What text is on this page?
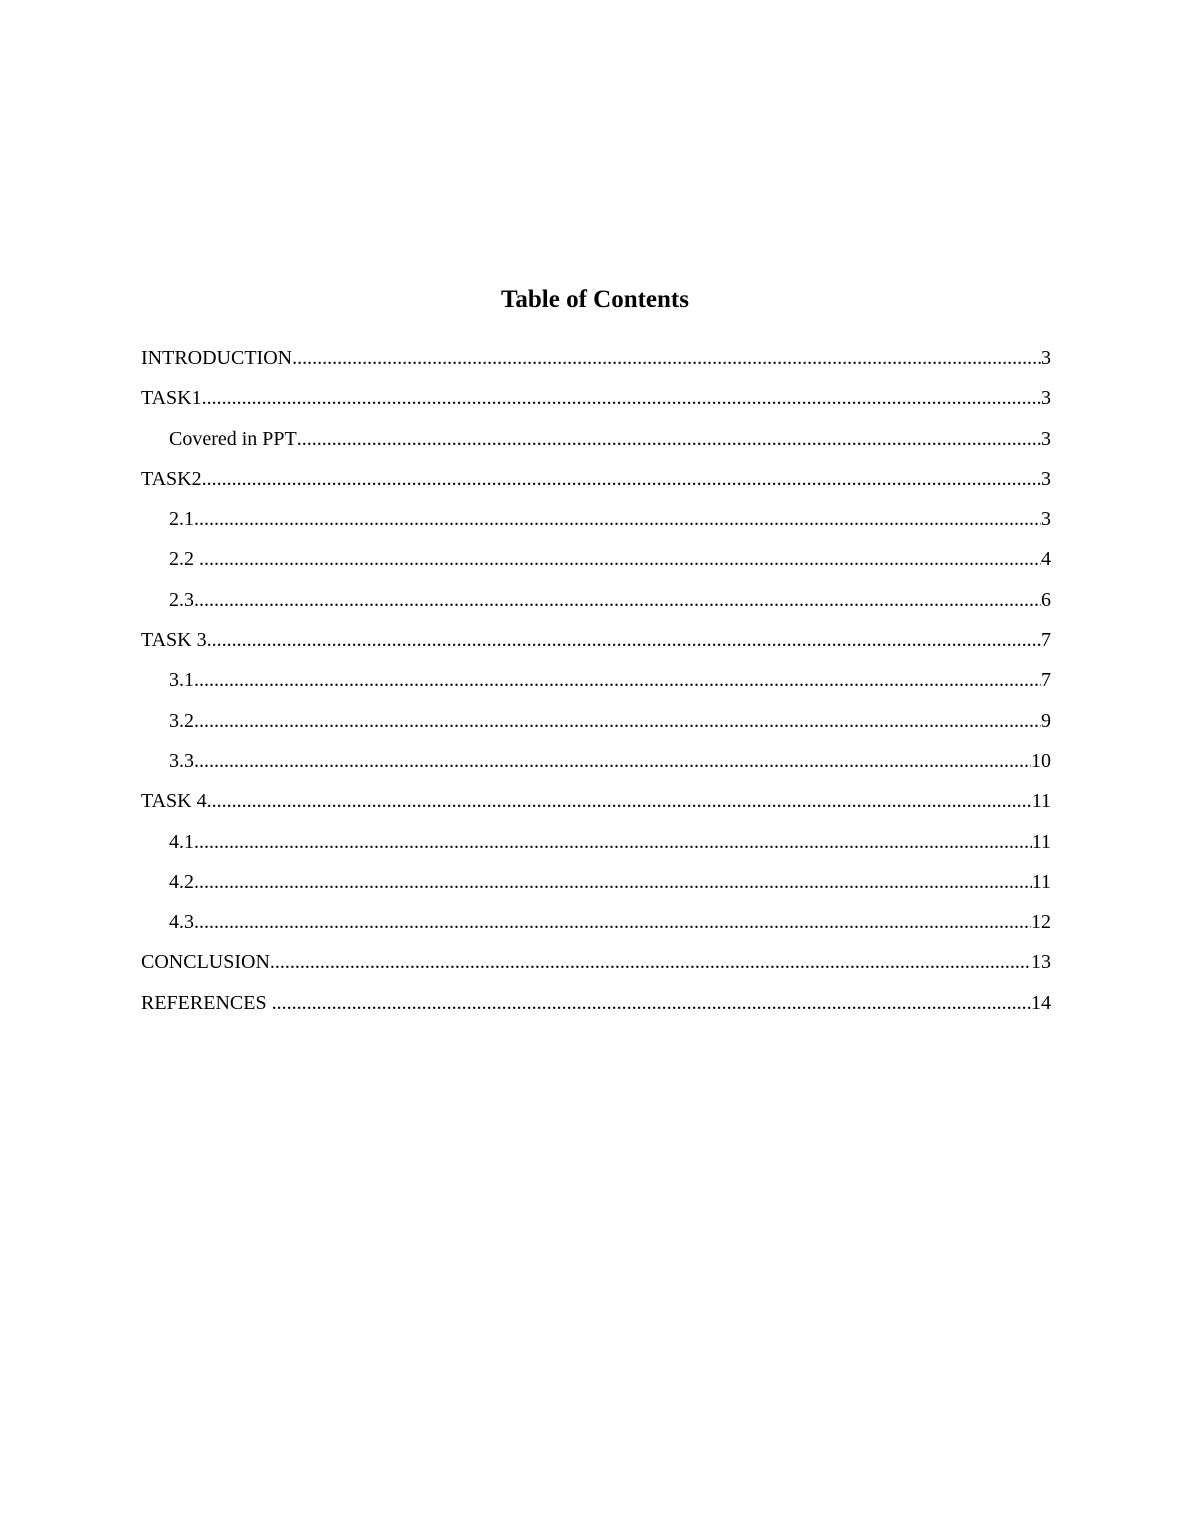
Table of Contents
INTRODUCTION .....	3
TASK1 .....	3
Covered in PPT .....	3
TASK2 .....	3
2.1 .....	3
2.2 .....	4
2.3 .....	6
TASK 3 .....	7
3.1 .....	7
3.2 .....	9
3.3 .....	10
TASK 4 .....	11
4.1 .....	11
4.2 .....	11
4.3 .....	12
CONCLUSION .....	13
REFERENCES .....	14
